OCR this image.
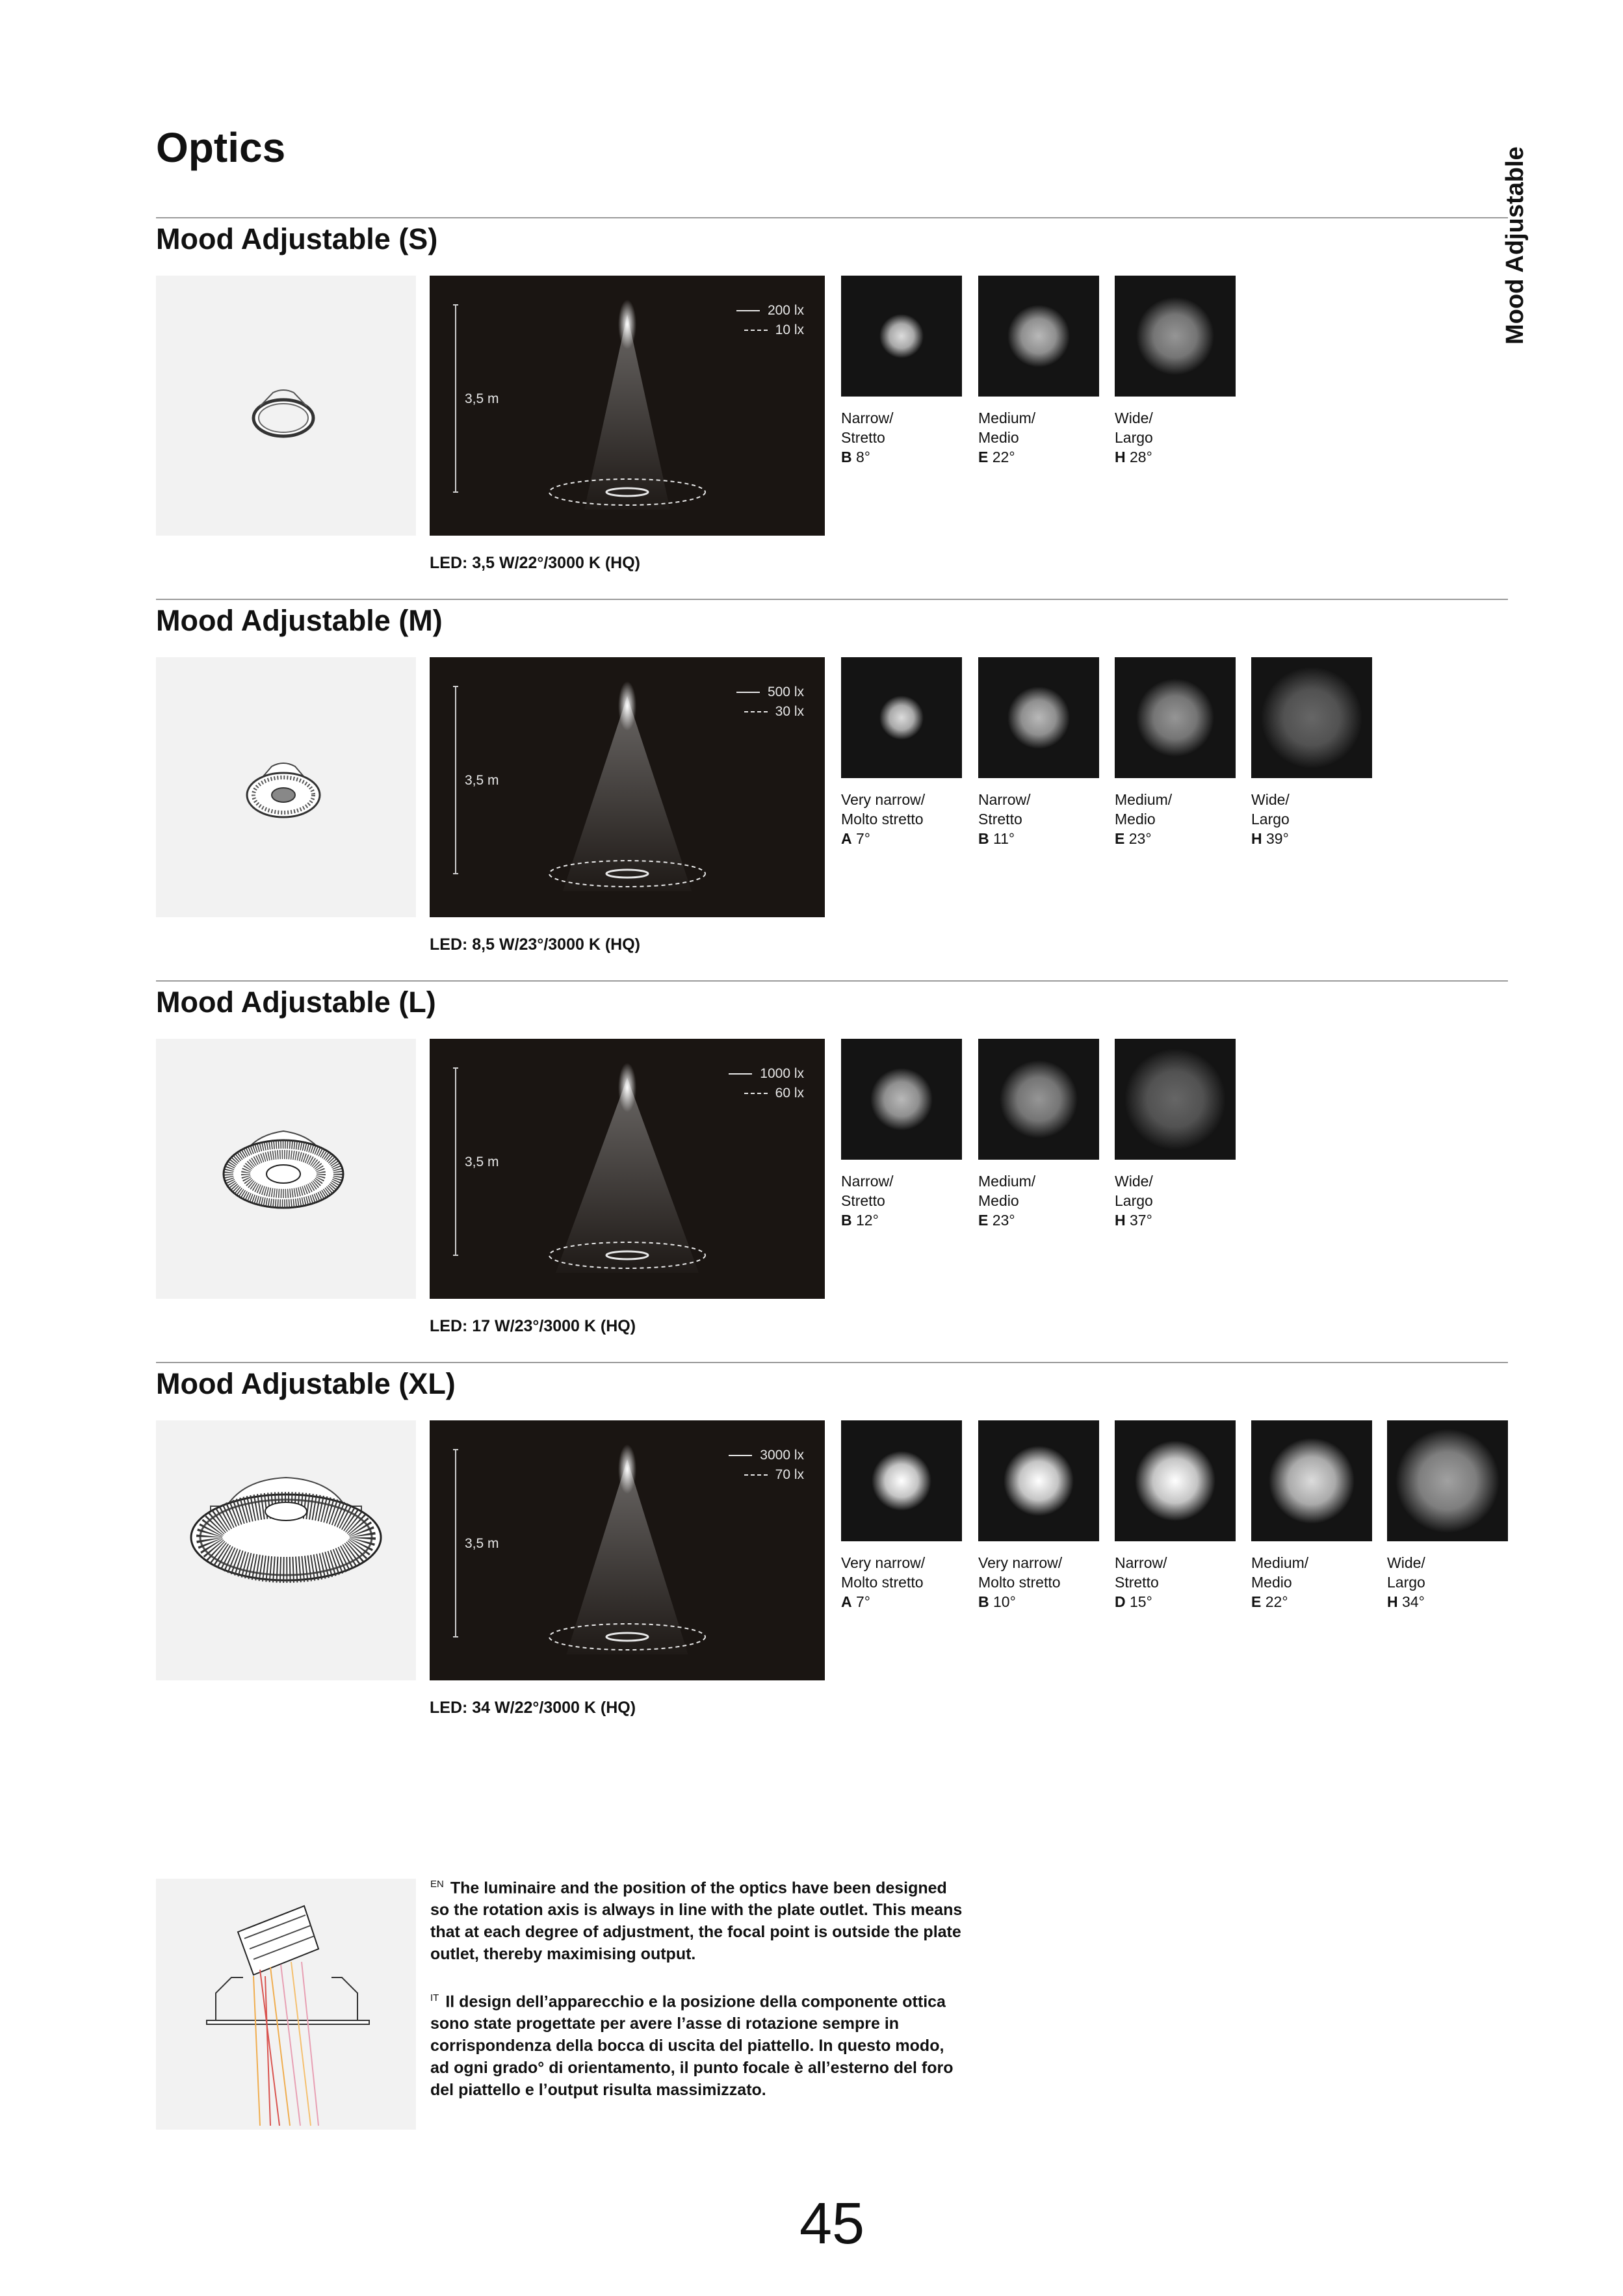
Optics	Mood Adjustable
Mood Adjustable (S)
3,5 m
200 lx
10 lx
Narrow/
Stretto
B 8°
Medium/
Medio
E 22°
Wide/
Largo
H 28°
LED: 3,5 W/22°/3000 K (HQ)
Mood Adjustable (M)
3,5 m
500 lx
30 lx
Very narrow/
Molto stretto
A 7°
Narrow/
Stretto
B 11°
Medium/
Medio
E 23°
Wide/
Largo
H 39°
LED: 8,5 W/23°/3000 K (HQ)
Mood Adjustable (L)
3,5 m
1000 lx
60 lx
Narrow/
Stretto
B 12°
Medium/
Medio
E 23°
Wide/
Largo
H 37°
LED: 17 W/23°/3000 K (HQ)
Mood Adjustable (XL)
3,5 m
3000 lx
70 lx
Very narrow/
Molto stretto
A 7°
Very narrow/
Molto stretto
B 10°
Narrow/
Stretto
D 15°
Medium/
Medio
E 22°
Wide/
Largo
H 34°
LED: 34 W/22°/3000 K (HQ)
$^{EN}$ The luminaire and the position of the optics have been designed so the rotation axis is always in line with the plate outlet. This means that at each degree of adjustment, the focal point is outside the plate outlet, thereby maximising output.
$^{IT}$ Il design dell’apparecchio e la posizione della componente ottica sono state progettate per avere l’asse di rotazione sempre in corrispondenza della bocca di uscita del piattello. In questo modo, ad ogni grado° di orientamento, il punto focale è all’esterno del foro del piattello e l’output risulta massimizzato.
45
